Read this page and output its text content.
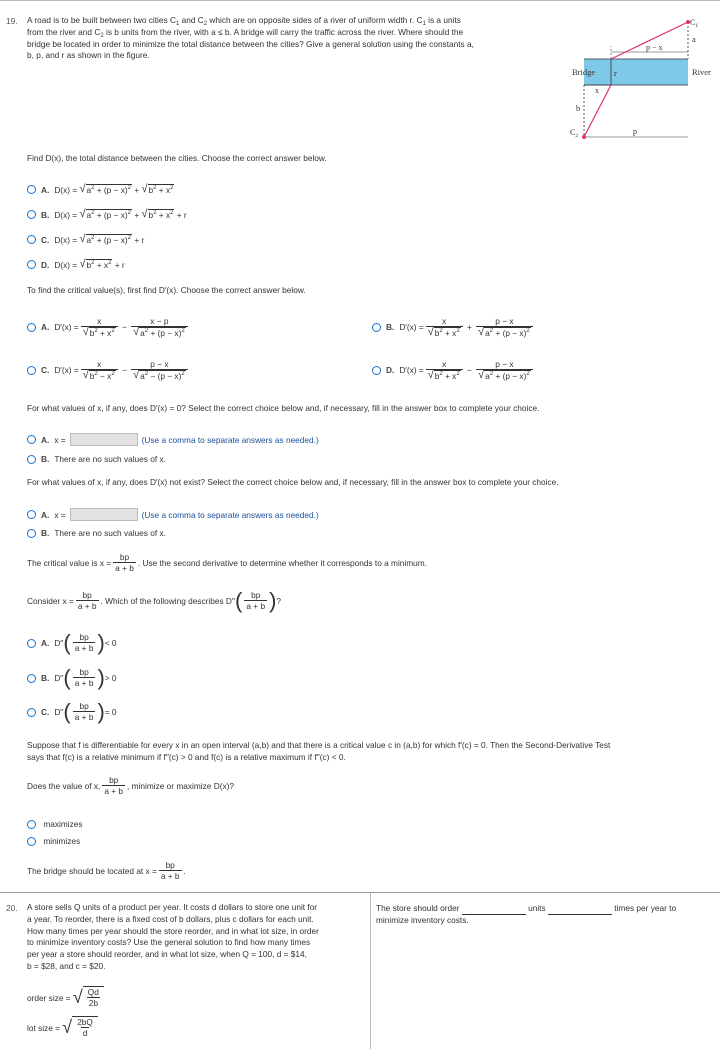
19. A road is to be built between two cities $C_1$ and $C_2$ which are on opposite sides of a river of uniform width r. $C_1$ is a units
from the river and $C_2$ is b units from the river, with a ≤ b. A bridge will carry the traffic across the river. Where should the
bridge be located in order to minimize the total distance between the cities? Give a general solution using the constants a,
b, p, and r as shown in the figure.
Bridge r
x
b
$C_2$
$C_1$
a
p − x
p
River
Find D(x), the total distance between the cities. Choose the correct answer below.
A. D(x) =
√ $a^2 + (p - x)^2$ + √ $b^2 + x^2$
B. D(x) =
√ $a^2 + (p - x)^2$ + √ $b^2 + x^2 + r$
C. D(x) =
√ $a^2 + (p - x)^2 + r$
D. D(x) =
√ $b^2 + x^2 + r$
To find the critical value(s), first find D′(x). Choose the correct answer below.
A. $D'(x) = \frac{x}{√ b^2 + x^2} - \frac{x - p}{√ a^2 + (p - x)^2}$	B. $D'(x) = \frac{x}{√ b^2 + x^2} + \frac{p - x}{√ a^2 + (p - x)^2}$
C. $D'(x) = \frac{x}{√ b^2 - x^2} - \frac{p - x}{√ a^2 - (p - x)^2}$	D. $D'(x) = \frac{x}{√ b^2 + x^2} - \frac{p - x}{√ a^2 + (p - x)^2}$
For what values of x, if any, does D′(x) = 0? Select the correct choice below and, if necessary, fill in the answer box to complete your choice.
A. x =	(Use a comma to separate answers as needed.)
B. There are no such values of x.
For what values of x, if any, does D′(x) not exist? Select the correct choice below and, if necessary, fill in the answer box to complete your choice.
A. x =	(Use a comma to separate answers as needed.)
B. There are no such values of x.
The critical value is $x = \frac{bp}{a + b}$ . Use the second derivative to determine whether it corresponds to a minimum.
Consider $x = \frac{bp}{a + b}$ . Which of the following describes D′′ ( $\frac{bp}{a + b}$ ) ?
A. D′′ ( $\frac{bp}{a + b}$ ) < 0
B. D′′ ( $\frac{bp}{a + b}$ ) > 0
C. D′′ ( $\frac{bp}{a + b}$ ) = 0
Suppose that f is differentiable for every x in an open interval (a,b) and that there is a critical value c in (a,b) for which f′(c) = 0. Then the Second-Derivative Test
says that f(c) is a relative minimum if f′′(c) > 0 and f(c) is a relative maximum if f′′(c) < 0.
Does the value of x, $\frac{bp}{a + b}$ , minimize or maximize D(x)?

maximizes

minimizes
The bridge should be located at $x = \frac{bp}{a + b}$ .
20. A store sells Q units of a product per year. It costs d dollars to store one unit for
a year. To reorder, there is a fixed cost of b dollars, plus c dollars for each unit.
How many times per year should the store reorder, and in what lot size, in order
to minimize inventory costs? Use the general solution to find how many times
per year a store should reorder, and in what lot size, when Q = 100, d = $14,
b = $28, and c = $20.
order size =
√ $\frac{Qd}{2b}$
lot size =
√ $\frac{2bQ}{d}$
The store should order	units	times per year to
minimize inventory costs.
